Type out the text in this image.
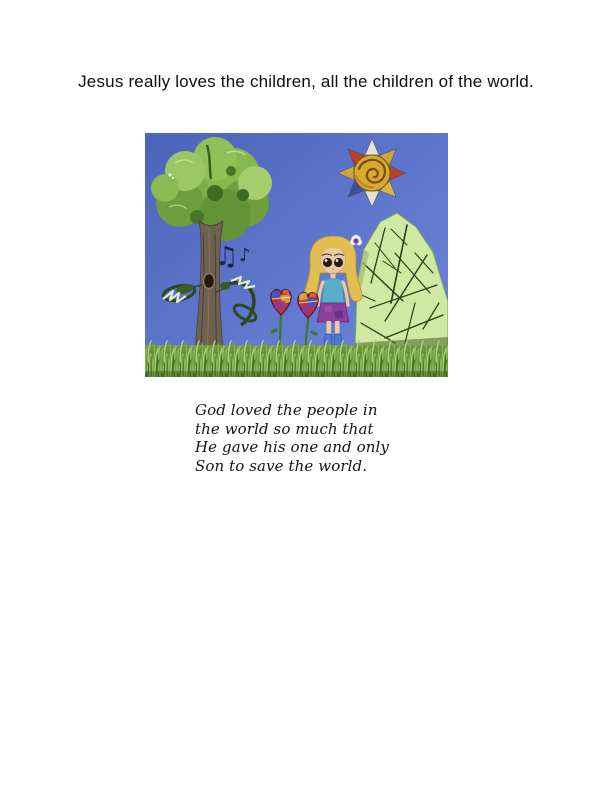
Jesus really loves the children, all the children of the world.
♫ ♪
God loved the people in
the world so much that
He gave his one and only
Son to save the world.
